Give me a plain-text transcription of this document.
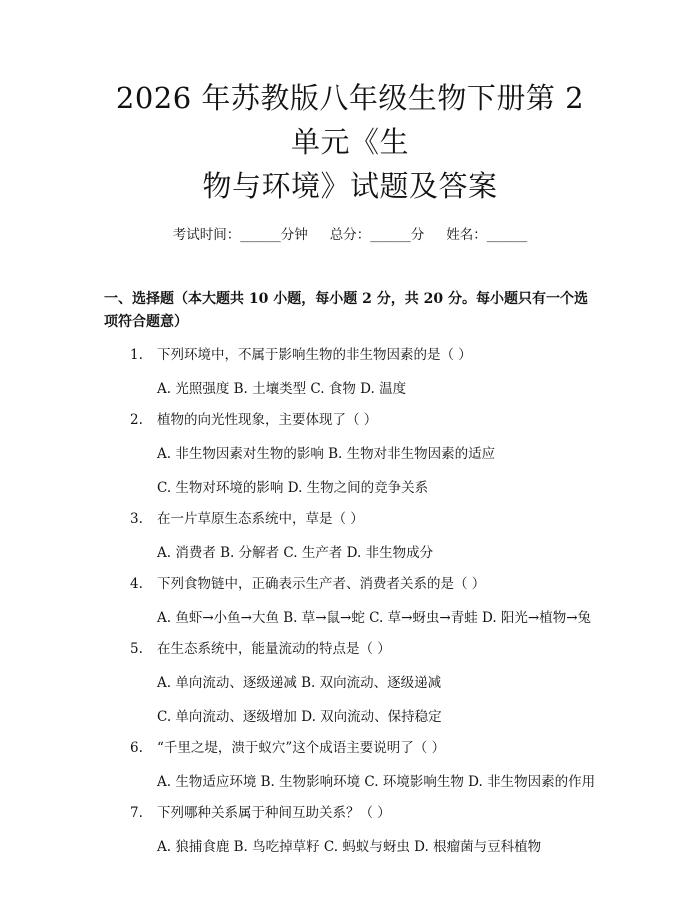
2026 年苏教版八年级生物下册第 2 单元《生
物与环境》试题及答案
考试时间：______分钟 总分：______分 姓名：______
一、选择题（本大题共 10 小题，每小题 2 分，共 20 分。每小题只有一个选项符合题意）
1. 下列环境中，不属于影响生物的非生物因素的是（ ）
A. 光照强度 B. 土壤类型 C. 食物 D. 温度
2. 植物的向光性现象，主要体现了（ ）
A. 非生物因素对生物的影响 B. 生物对非生物因素的适应
C. 生物对环境的影响 D. 生物之间的竞争关系
3. 在一片草原生态系统中，草是（ ）
A. 消费者 B. 分解者 C. 生产者 D. 非生物成分
4. 下列食物链中，正确表示生产者、消费者关系的是（ ）
A. 鱼虾→小鱼→大鱼 B. 草→鼠→蛇 C. 草→蚜虫→青蛙 D. 阳光→植物→兔
5. 在生态系统中，能量流动的特点是（ ）
A. 单向流动、逐级递减 B. 双向流动、逐级递减
C. 单向流动、逐级增加 D. 双向流动、保持稳定
6. “千里之堤，溃于蚁穴”这个成语主要说明了（ ）
A. 生物适应环境 B. 生物影响环境 C. 环境影响生物 D. 非生物因素的作用
7. 下列哪种关系属于种间互助关系？（ ）
A. 狼捕食鹿 B. 鸟吃掉草籽 C. 蚂蚁与蚜虫 D. 根瘤菌与豆科植物
